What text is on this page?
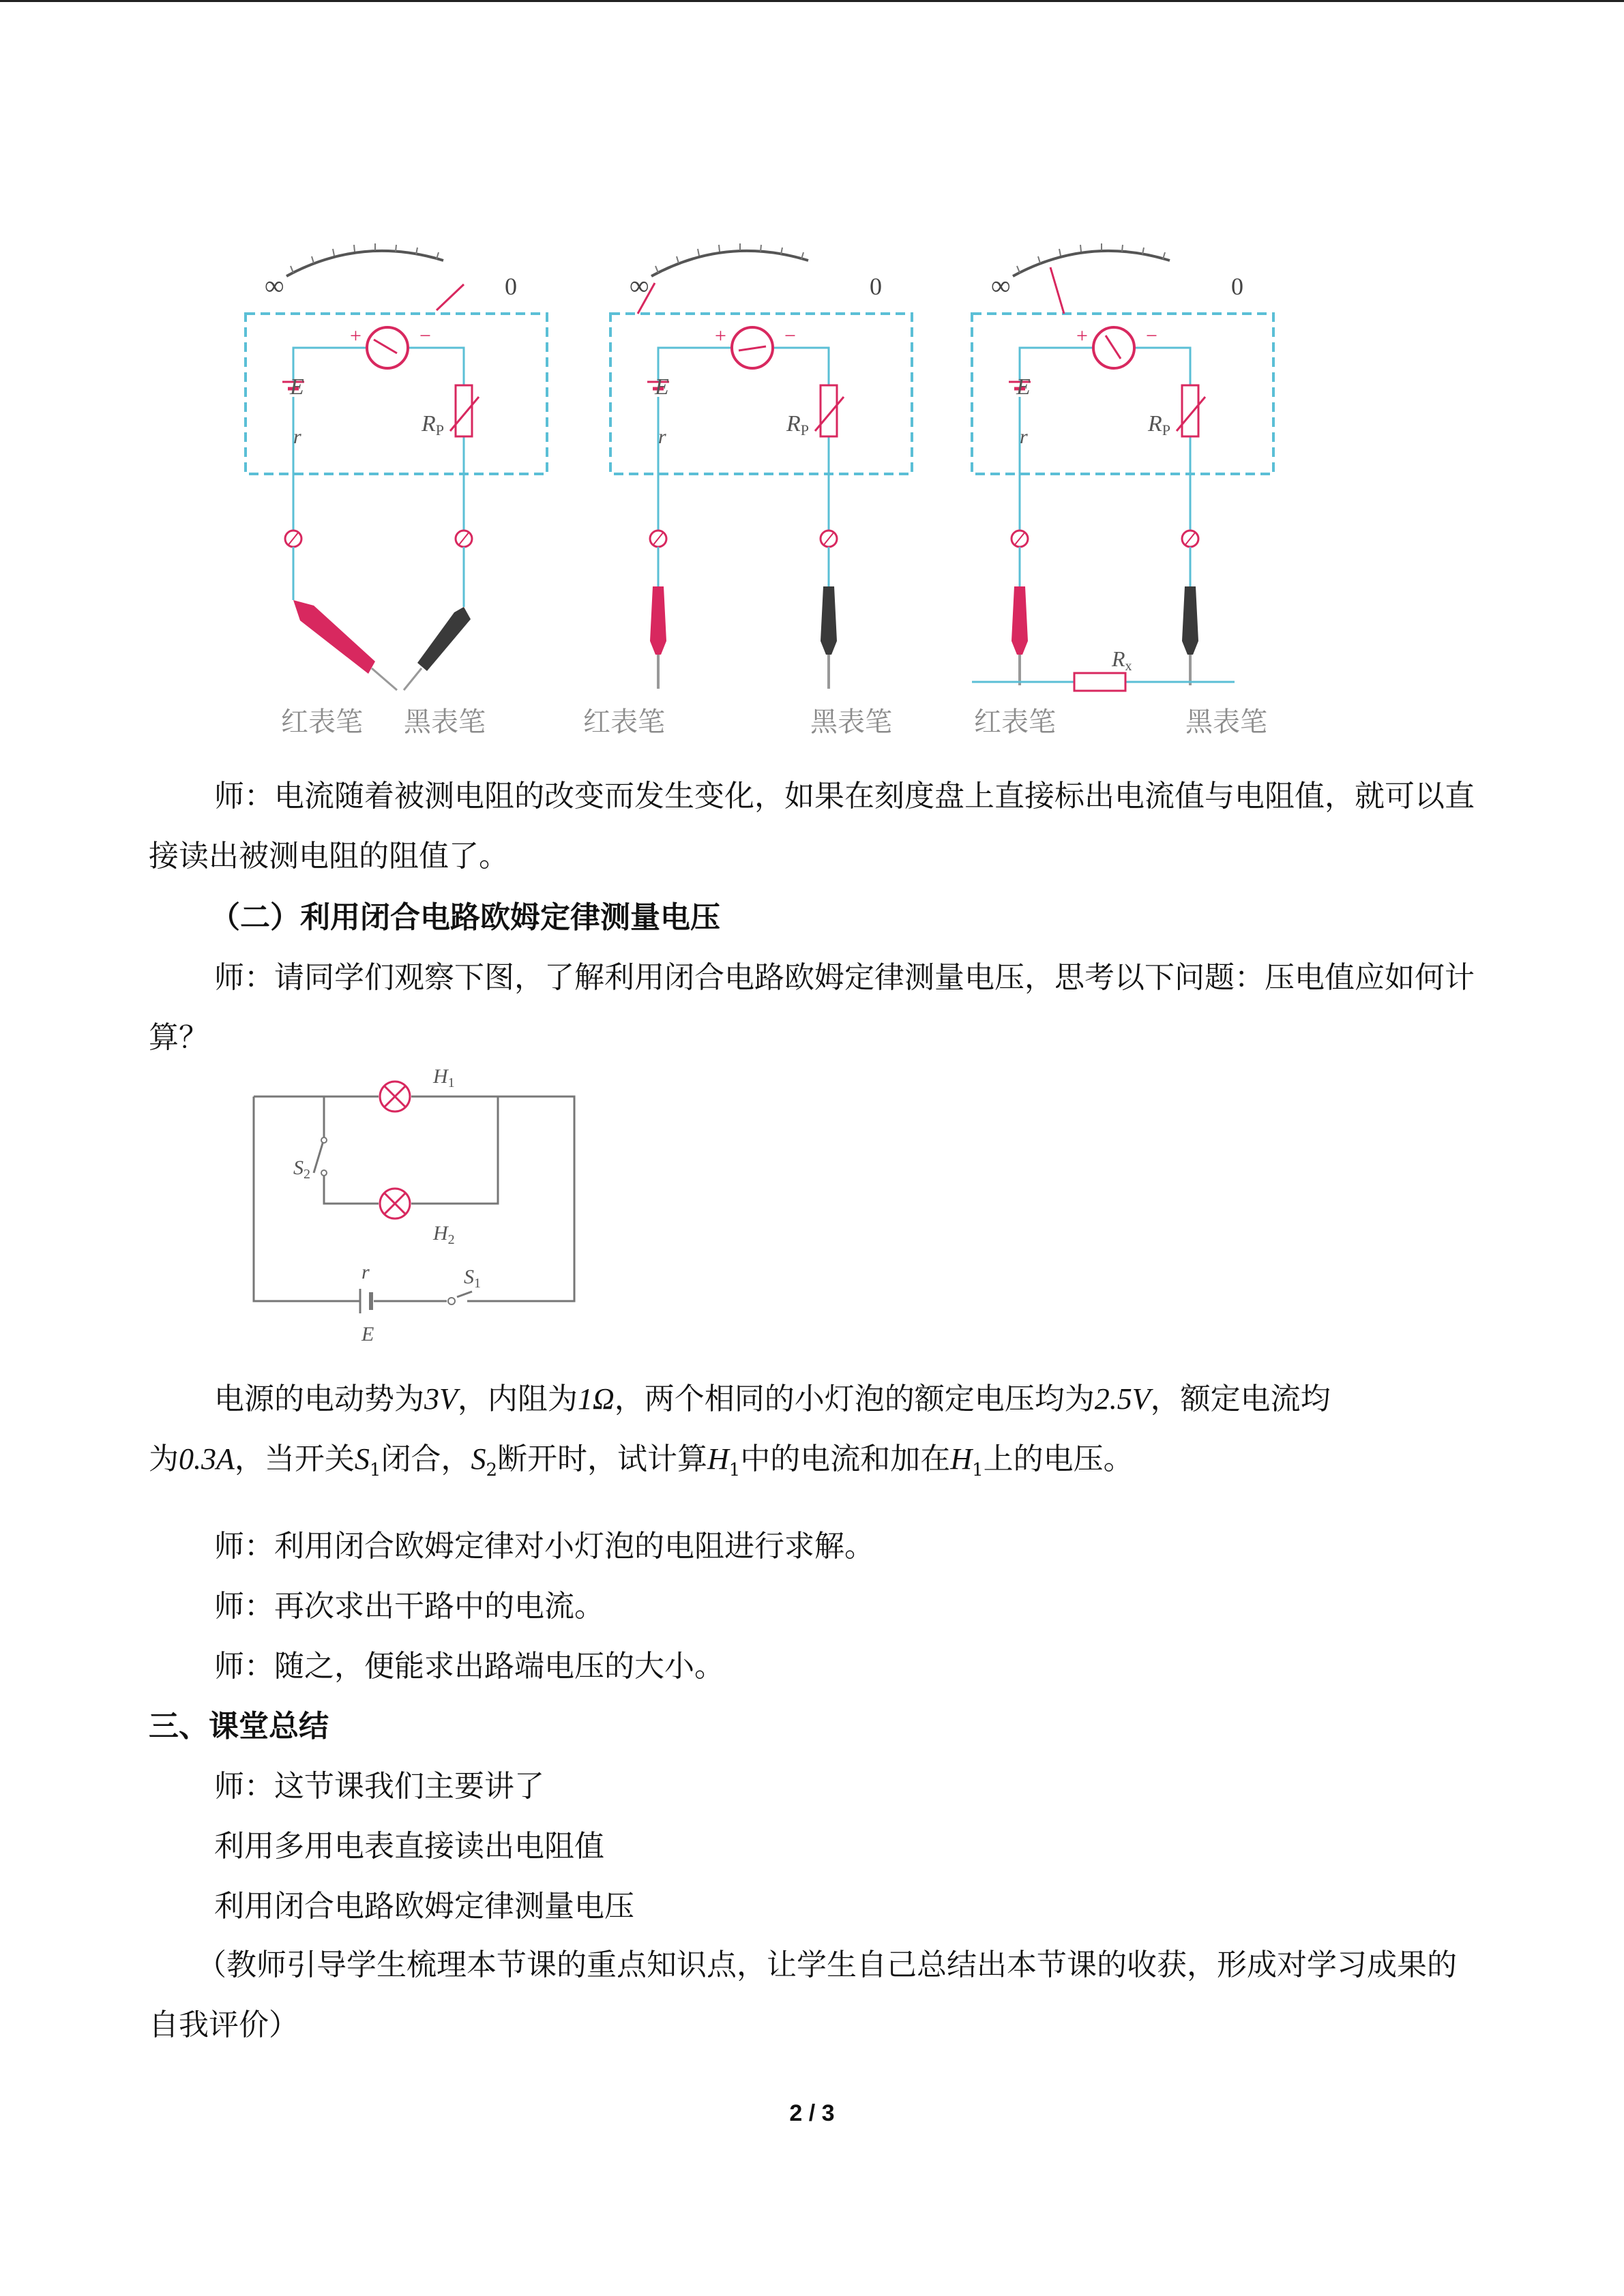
∞	0	∞	0	∞	0
+	−	+	−	+	−
E
r
E
r
E
r
RP	RP	RP
Rx
红表笔 黑表笔	红表笔	黑表笔	红表笔	黑表笔

师：电流随着被测电阻的改变而发生变化，如果在刻度盘上直接标出电流值与电阻值，就可以直接读出被测电阻的阻值了。

（二）利用闭合电路欧姆定律测量电压

师：请同学们观察下图，了解利用闭合电路欧姆定律测量电压，思考以下问题：压电值应如何计算？

$H_1$
$H_2$
$S_2$
$S_1$
r
E
电源的电动势为3V，内阻为1Ω，两个相同的小灯泡的额定电压均为2.5V，额定电流均
为0.3A，当开关$S_1$闭合，$S_2$断开时，试计算$H_1$中的电流和加在$H_1$上的电压。
师：利用闭合欧姆定律对小灯泡的电阻进行求解。
师：再次求出干路中的电流。
师：随之，便能求出路端电压的大小。
三、课堂总结
师：这节课我们主要讲了
利用多用电表直接读出电阻值
利用闭合电路欧姆定律测量电压

（教师引导学生梳理本节课的重点知识点，让学生自己总结出本节课的收获，形成对学习成果的自我评价）

2 / 3
